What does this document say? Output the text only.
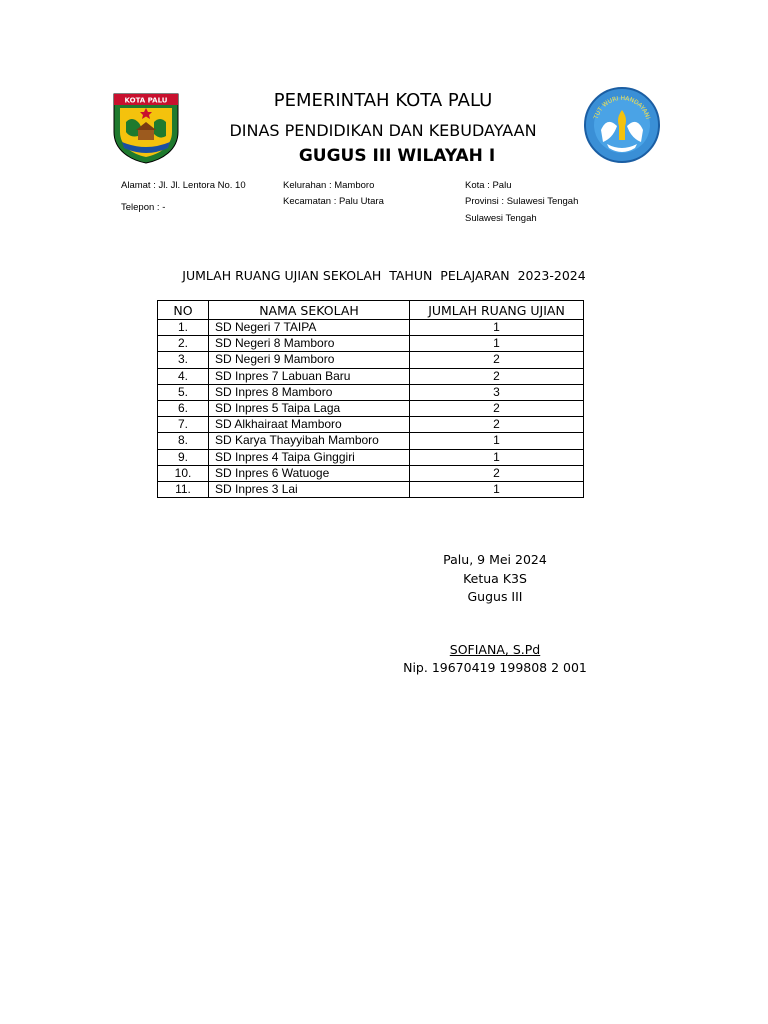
KOTA PALU
TUT WURI HANDAYANI
PEMERINTAH KOTA PALU
DINAS PENDIDIKAN DAN KEBUDAYAAN
GUGUS III WILAYAH I
Alamat : Jl. Jl. Lentora No. 10
Telepon : -
Kelurahan : Mamboro
Kecamatan : Palu Utara
Kota : Palu
Provinsi : Sulawesi Tengah
Sulawesi Tengah
JUMLAH RUANG UJIAN SEKOLAH  TAHUN  PELAJARAN  2023-2024
NO	NAMA SEKOLAH	JUMLAH RUANG UJIAN
1.	SD Negeri 7 TAIPA	1
2.	SD Negeri 8 Mamboro	1
3.	SD Negeri 9 Mamboro	2
4.	SD Inpres 7 Labuan Baru	2
5.	SD Inpres 8 Mamboro	3
6.	SD Inpres 5 Taipa Laga	2
7.	SD Alkhairaat Mamboro	2
8.	SD Karya Thayyibah Mamboro	1
9.	SD Inpres 4 Taipa Ginggiri	1
10.	SD Inpres 6 Watuoge	2
11.	SD Inpres 3 Lai	1
Palu, 9 Mei 2024
Ketua K3S
Gugus III
SOFIANA, S.Pd
Nip. 19670419 199808 2 001
